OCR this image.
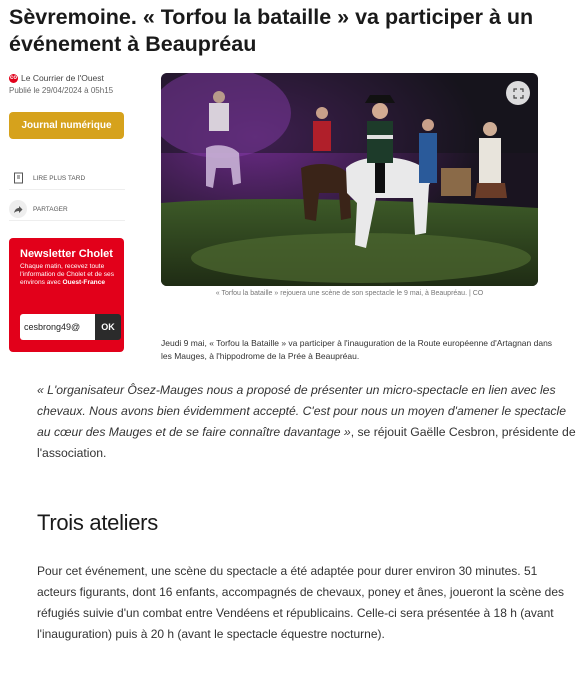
Sèvremoine. « Torfou la bataille » va participer à un événement à Beaupréau
co Le Courrier de l'Ouest
Publié le 29/04/2024 à 05h15
Journal numérique
LIRE PLUS TARD
PARTAGER
Newsletter Cholet
Chaque matin, recevez toute l'information de Cholet et de ses environs avec Ouest-France
cesbrong49@
OK
« Torfou la bataille » rejouera une scène de son spectacle le 9 mai, à Beaupréau. | CO

Jeudi 9 mai, « Torfou la Bataille » va participer à l'inauguration de la Route européenne d'Artagnan dans les Mauges, à l'hippodrome de la Prée à Beaupréau.

« L'organisateur Ôsez-Mauges nous a proposé de présenter un micro-spectacle en lien avec les chevaux. Nous avons bien évidemment accepté. C'est pour nous un moyen d'amener le spectacle au cœur des Mauges et de se faire connaître davantage », se réjouit Gaëlle Cesbron, présidente de l'association.

Trois ateliers

Pour cet événement, une scène du spectacle a été adaptée pour durer environ 30 minutes. 51 acteurs figurants, dont 16 enfants, accompagnés de chevaux, poney et ânes, joueront la scène des réfugiés suivie d'un combat entre Vendéens et républicains. Celle-ci sera présentée à 18 h (avant l'inauguration) puis à 20 h (avant le spectacle équestre nocturne).
